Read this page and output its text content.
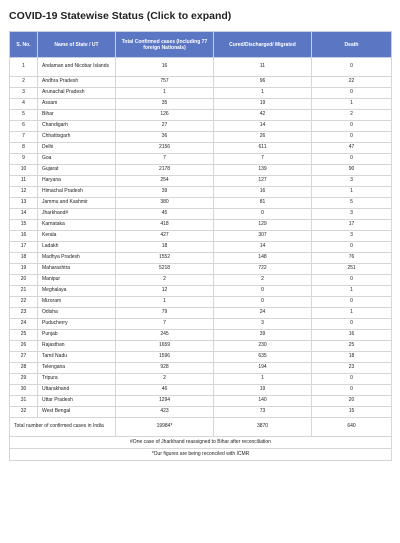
COVID-19 Statewise Status (Click to expand)
S. No.	Name of State / UT	Total Confirmed cases (Including 77 foreign Nationals)	Cured/Discharged/ Migrated	Death
1	Andaman and Nicobar Islands	16	11	0
2	Andhra Pradesh	757	96	22
3	Arunachal Pradesh	1	1	0
4	Assam	35	19	1
5	Bihar	126	42	2
6	Chandigarh	27	14	0
7	Chhattisgarh	36	26	0
8	Delhi	2156	611	47
9	Goa	7	7	0
10	Gujarat	2178	139	90
11	Haryana	254	127	3
12	Himachal Pradesh	39	16	1
13	Jammu and Kashmir	380	81	5
14	Jharkhand#	45	0	3
15	Karnataka	418	129	17
16	Kerala	427	307	3
17	Ladakh	18	14	0
18	Madhya Pradesh	1552	148	76
19	Maharashtra	5218	722	251
20	Manipur	2	2	0
21	Meghalaya	12	0	1
22	Mizoram	1	0	0
23	Odisha	79	24	1
24	Puducherry	7	3	0
25	Punjab	245	39	16
26	Rajasthan	1659	230	25
27	Tamil Nadu	1596	635	18
28	Telengana	928	194	23
29	Tripura	2	1	0
30	Uttarakhand	46	19	0
31	Uttar Pradesh	1294	140	20
32	West Bengal	423	73	15
Total number of confirmed cases in India		19984*	3870	640
#One case of Jharkhand reassigned to Bihar after reconciliation				
*Our figures are being reconciled with ICMR				
